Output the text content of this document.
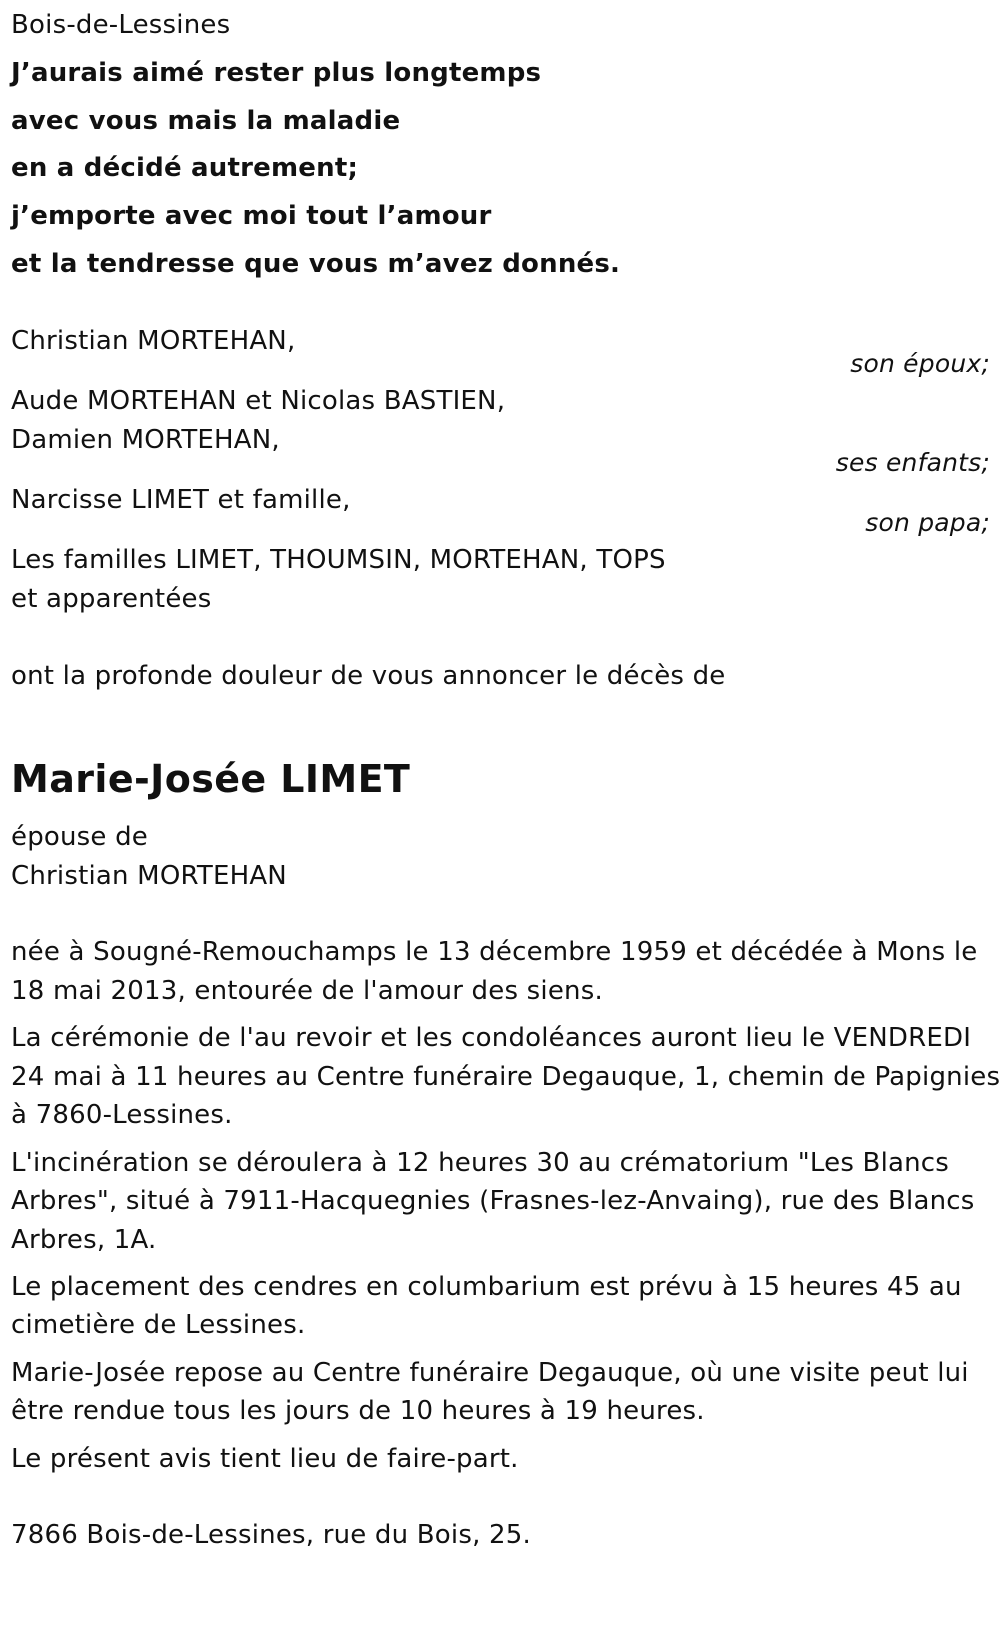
Bois-de-Lessines
J’aurais aimé rester plus longtemps
avec vous mais la maladie
en a décidé autrement;
j’emporte avec moi tout l’amour
et la tendresse que vous m’avez donnés.
Christian MORTEHAN,
son époux;
Aude MORTEHAN et Nicolas BASTIEN,
Damien MORTEHAN,
ses enfants;
Narcisse LIMET et famille,
son papa;
Les familles LIMET, THOUMSIN, MORTEHAN, TOPS
et apparentées
ont la profonde douleur de vous annoncer le décès de
Marie-Josée LIMET
épouse de
Christian MORTEHAN
née à Sougné-Remouchamps le 13 décembre 1959 et décédée à Mons le
18 mai 2013, entourée de l'amour des siens.
La cérémonie de l'au revoir et les condoléances auront lieu le VENDREDI
24 mai à 11 heures au Centre funéraire Degauque, 1, chemin de Papignies
à 7860-Lessines.
L'incinération se déroulera à 12 heures 30 au crématorium "Les Blancs
Arbres", situé à 7911-Hacquegnies (Frasnes-lez-Anvaing), rue des Blancs
Arbres, 1A.
Le placement des cendres en columbarium est prévu à 15 heures 45 au
cimetière de Lessines.
Marie-Josée repose au Centre funéraire Degauque, où une visite peut lui
être rendue tous les jours de 10 heures à 19 heures.
Le présent avis tient lieu de faire-part.
7866 Bois-de-Lessines, rue du Bois, 25.
